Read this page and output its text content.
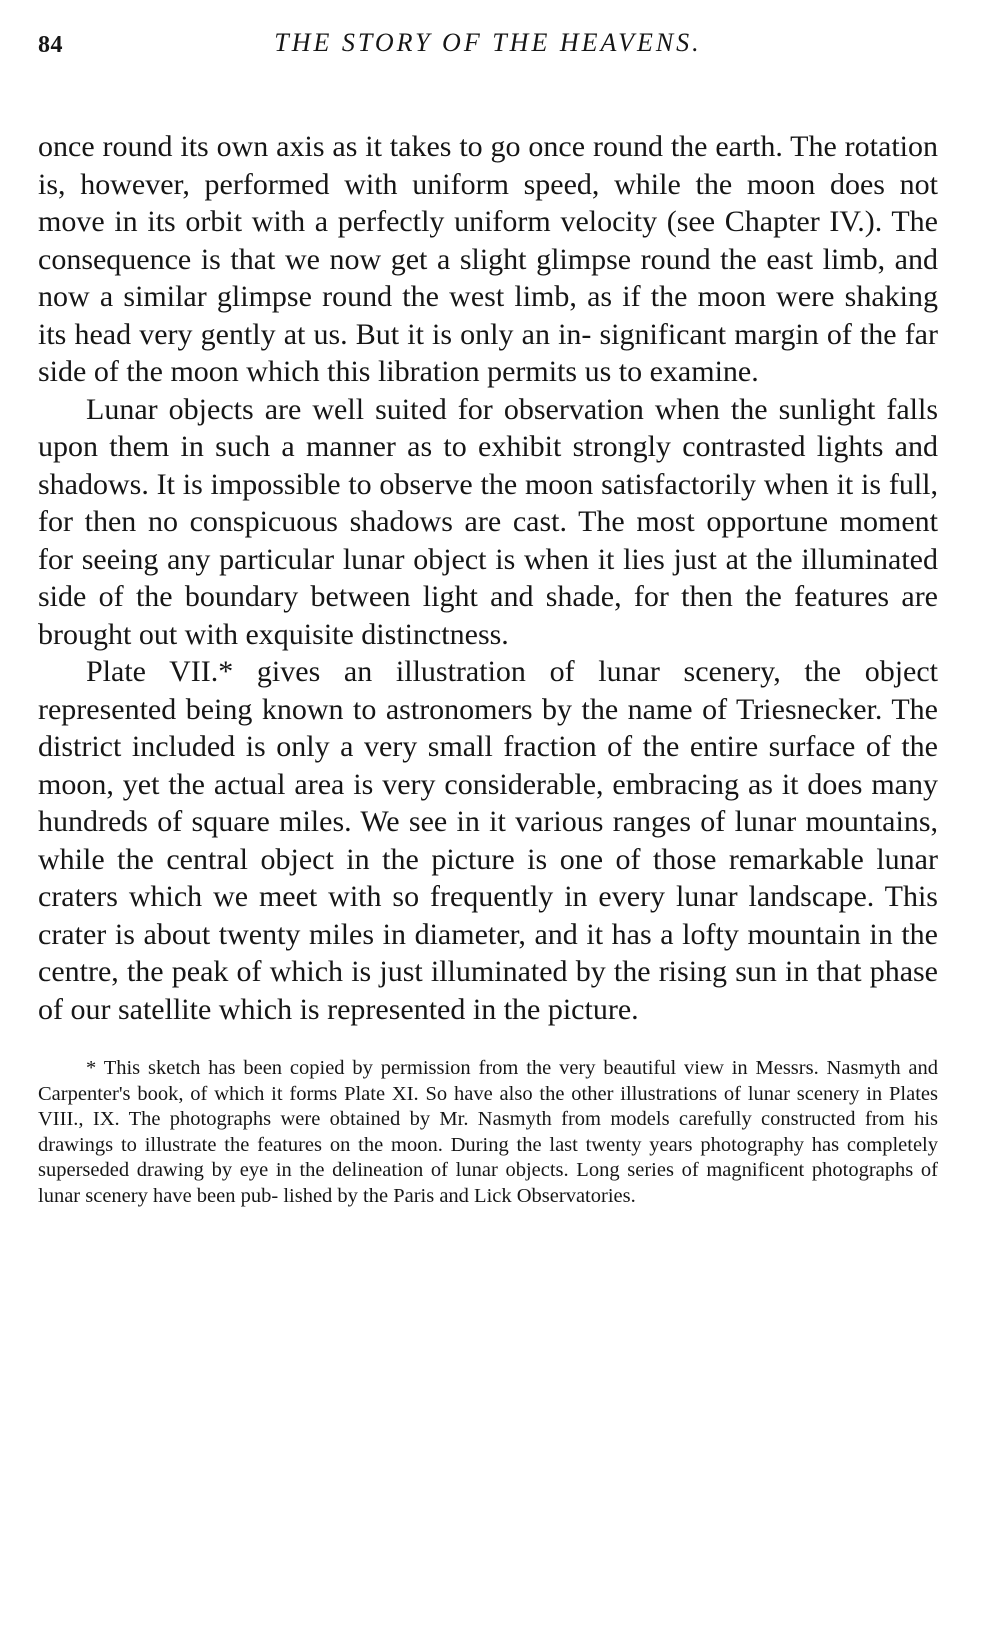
84	THE STORY OF THE HEAVENS.

once round its own axis as it takes to go once round the earth. The rotation is, however, performed with uniform speed, while the moon does not move in its orbit with a perfectly uniform velocity (see Chapter IV.). The consequence is that we now get a slight glimpse round the east limb, and now a similar glimpse round the west limb, as if the moon were shaking its head very gently at us. But it is only an in- significant margin of the far side of the moon which this libration permits us to examine.

Lunar objects are well suited for observation when the sunlight falls upon them in such a manner as to exhibit strongly contrasted lights and shadows. It is impossible to observe the moon satisfactorily when it is full, for then no conspicuous shadows are cast. The most opportune moment for seeing any particular lunar object is when it lies just at the illuminated side of the boundary between light and shade, for then the features are brought out with exquisite distinctness.

Plate VII.* gives an illustration of lunar scenery, the object represented being known to astronomers by the name of Triesnecker. The district included is only a very small fraction of the entire surface of the moon, yet the actual area is very considerable, embracing as it does many hundreds of square miles. We see in it various ranges of lunar mountains, while the central object in the picture is one of those remarkable lunar craters which we meet with so frequently in every lunar landscape. This crater is about twenty miles in diameter, and it has a lofty mountain in the centre, the peak of which is just illuminated by the rising sun in that phase of our satellite which is represented in the picture.

* This sketch has been copied by permission from the very beautiful view in Messrs. Nasmyth and Carpenter's book, of which it forms Plate XI. So have also the other illustrations of lunar scenery in Plates VIII., IX. The photographs were obtained by Mr. Nasmyth from models carefully constructed from his drawings to illustrate the features on the moon. During the last twenty years photography has completely superseded drawing by eye in the delineation of lunar objects. Long series of magnificent photographs of lunar scenery have been pub- lished by the Paris and Lick Observatories.
